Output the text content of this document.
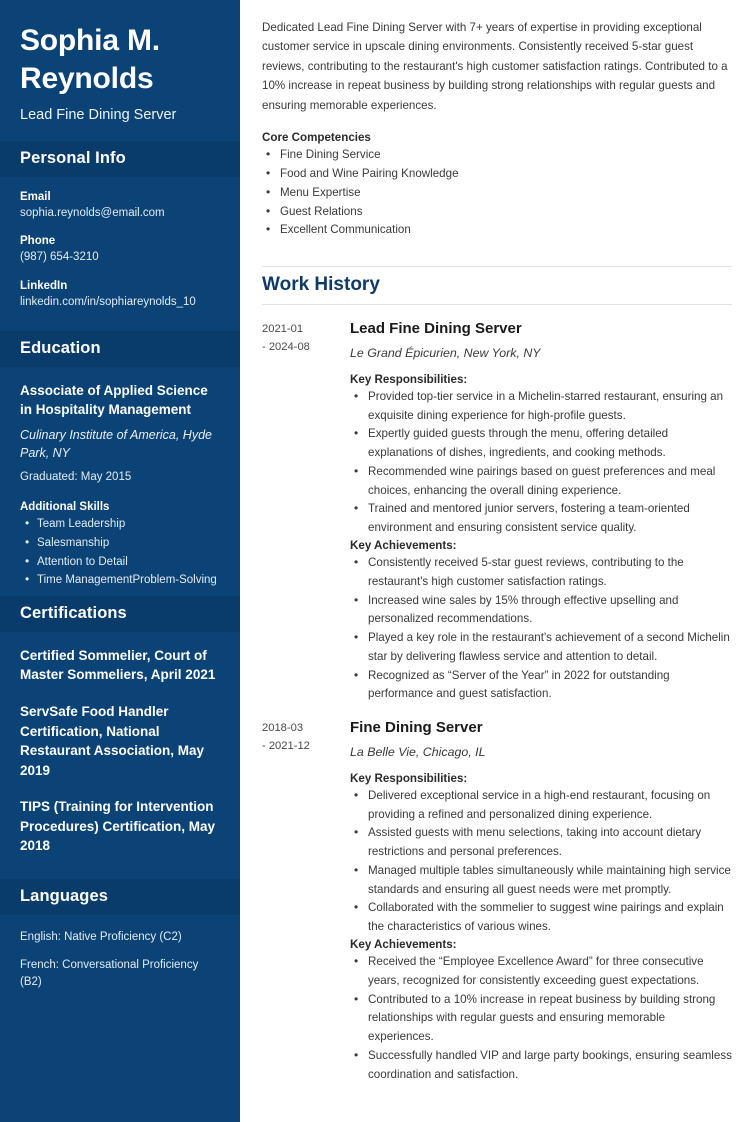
Sophia M. Reynolds
Lead Fine Dining Server
Personal Info
Email
sophia.reynolds@email.com
Phone
(987) 654-3210
LinkedIn
linkedin.com/in/sophiareynolds_10
Education
Associate of Applied Science in Hospitality Management
Culinary Institute of America, Hyde Park, NY
Graduated: May 2015
Additional Skills
• Team Leadership
• Salesmanship
• Attention to Detail
• Time ManagementProblem-Solving
Certifications
Certified Sommelier, Court of Master Sommeliers, April 2021
ServSafe Food Handler Certification, National Restaurant Association, May 2019
TIPS (Training for Intervention Procedures) Certification, May 2018
Languages
English: Native Proficiency (C2)
French: Conversational Proficiency (B2)

Dedicated Lead Fine Dining Server with 7+ years of expertise in providing exceptional customer service in upscale dining environments. Consistently received 5-star guest reviews, contributing to the restaurant's high customer satisfaction ratings. Contributed to a 10% increase in repeat business by building strong relationships with regular guests and ensuring memorable experiences.

Core Competencies
• Fine Dining Service
• Food and Wine Pairing Knowledge
• Menu Expertise
• Guest Relations
• Excellent Communication
Work History
2021-01
- 2024-08
Lead Fine Dining Server
Le Grand Épicurien, New York, NY
Key Responsibilities:
• Provided top-tier service in a Michelin-starred restaurant, ensuring an exquisite dining experience for high-profile guests.
• Expertly guided guests through the menu, offering detailed explanations of dishes, ingredients, and cooking methods.
• Recommended wine pairings based on guest preferences and meal choices, enhancing the overall dining experience.
• Trained and mentored junior servers, fostering a team-oriented environment and ensuring consistent service quality.
Key Achievements:
• Consistently received 5-star guest reviews, contributing to the restaurant's high customer satisfaction ratings.
• Increased wine sales by 15% through effective upselling and personalized recommendations.
• Played a key role in the restaurant's achievement of a second Michelin star by delivering flawless service and attention to detail.
• Recognized as “Server of the Year” in 2022 for outstanding performance and guest satisfaction.
2018-03
- 2021-12
Fine Dining Server
La Belle Vie, Chicago, IL
Key Responsibilities:
• Delivered exceptional service in a high-end restaurant, focusing on providing a refined and personalized dining experience.
• Assisted guests with menu selections, taking into account dietary restrictions and personal preferences.
• Managed multiple tables simultaneously while maintaining high service standards and ensuring all guest needs were met promptly.
• Collaborated with the sommelier to suggest wine pairings and explain the characteristics of various wines.
Key Achievements:
• Received the “Employee Excellence Award” for three consecutive years, recognized for consistently exceeding guest expectations.
• Contributed to a 10% increase in repeat business by building strong relationships with regular guests and ensuring memorable experiences.
• Successfully handled VIP and large party bookings, ensuring seamless coordination and satisfaction.
